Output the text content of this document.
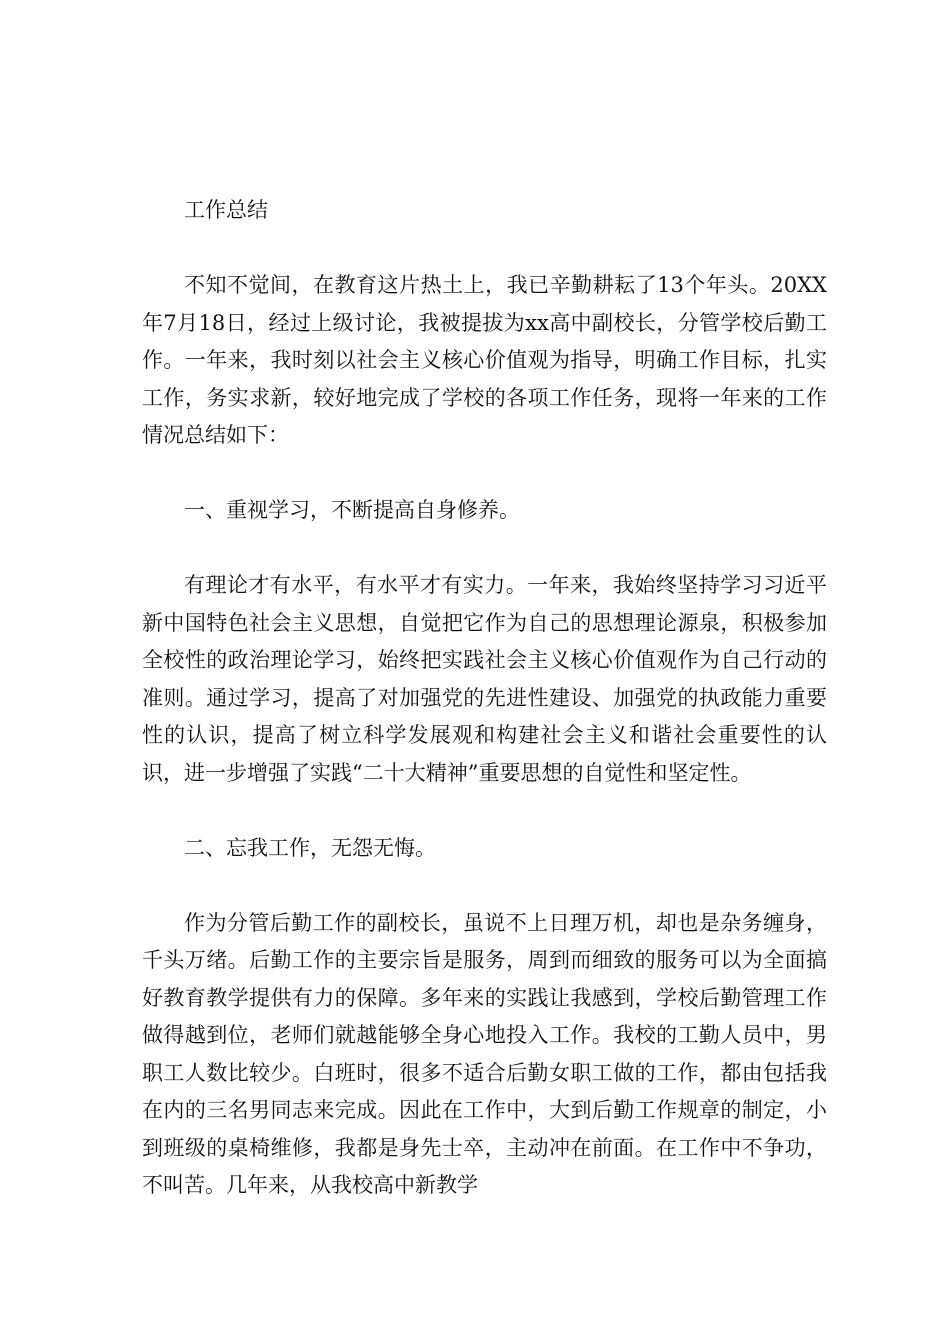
工作总结

不知不觉间，在教育这片热土上，我已辛勤耕耘了13个年头。20XX年7月18日，经过上级讨论，我被提拔为xx高中副校长，分管学校后勤工作。一年来，我时刻以社会主义核心价值观为指导，明确工作目标，扎实工作，务实求新，较好地完成了学校的各项工作任务，现将一年来的工作情况总结如下：

一、重视学习，不断提高自身修养。

有理论才有水平，有水平才有实力。一年来，我始终坚持学习习近平新中国特色社会主义思想，自觉把它作为自己的思想理论源泉，积极参加全校性的政治理论学习，始终把实践社会主义核心价值观作为自己行动的准则。通过学习，提高了对加强党的先进性建设、加强党的执政能力重要性的认识，提高了树立科学发展观和构建社会主义和谐社会重要性的认识，进一步增强了实践“二十大精神”重要思想的自觉性和坚定性。

二、忘我工作，无怨无悔。

作为分管后勤工作的副校长，虽说不上日理万机，却也是杂务缠身，千头万绪。后勤工作的主要宗旨是服务，周到而细致的服务可以为全面搞好教育教学提供有力的保障。多年来的实践让我感到，学校后勤管理工作做得越到位，老师们就越能够全身心地投入工作。我校的工勤人员中，男职工人数比较少。白班时，很多不适合后勤女职工做的工作，都由包括我在内的三名男同志来完成。因此在工作中，大到后勤工作规章的制定，小到班级的桌椅维修，我都是身先士卒，主动冲在前面。在工作中不争功，不叫苦。几年来，从我校高中新教学
